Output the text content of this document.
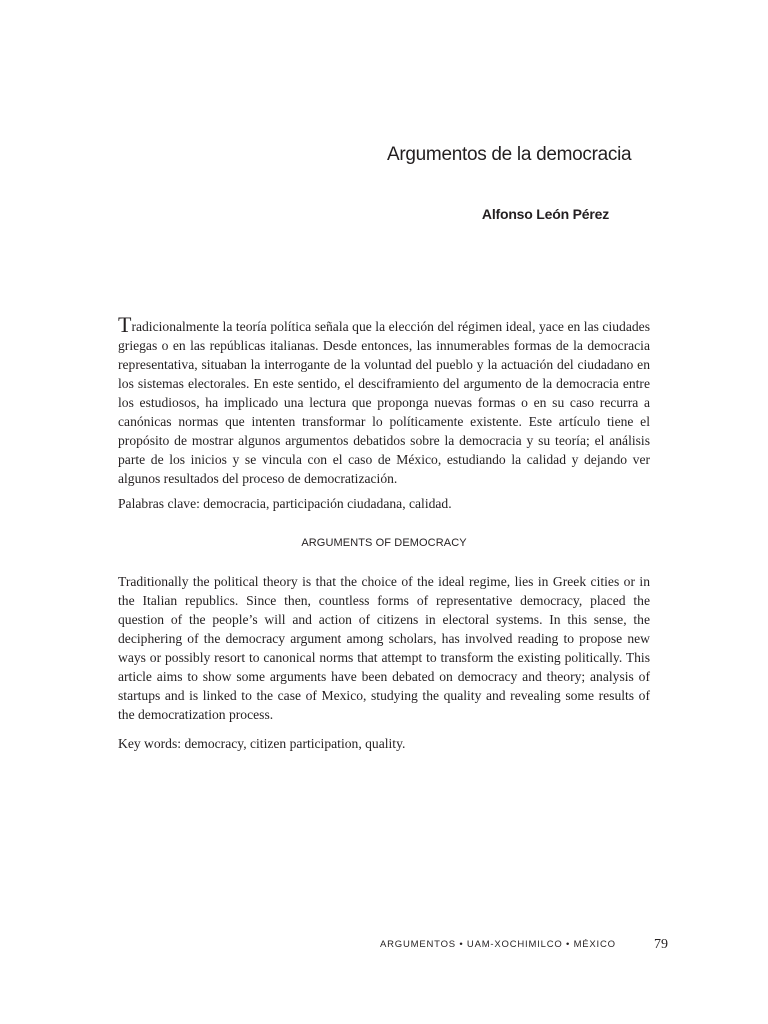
Argumentos de la democracia
Alfonso León Pérez

Tradicionalmente la teoría política señala que la elección del régimen ideal, yace en las ciudades griegas o en las repúblicas italianas. Desde entonces, las innumerables formas de la democracia representativa, situaban la interrogante de la voluntad del pueblo y la actuación del ciudadano en los sistemas electorales. En este sentido, el desciframiento del argumento de la democracia entre los estudiosos, ha implicado una lectura que proponga nuevas formas o en su caso recurra a canónicas normas que intenten transformar lo políticamente existente. Este artículo tiene el propósito de mostrar algunos argumentos debatidos sobre la democracia y su teoría; el análisis parte de los inicios y se vincula con el caso de México, estudiando la calidad y dejando ver algunos resultados del proceso de democratización.

Palabras clave: democracia, participación ciudadana, calidad.

ARGUMENTS OF DEMOCRACY

Traditionally the political theory is that the choice of the ideal regime, lies in Greek cities or in the Italian republics. Since then, countless forms of representative democracy, placed the question of the people’s will and action of citizens in electoral systems. In this sense, the deciphering of the democracy argument among scholars, has involved reading to propose new ways or possibly resort to canonical norms that attempt to transform the existing politically. This article aims to show some arguments have been debated on democracy and theory; analysis of startups and is linked to the case of Mexico, studying the quality and revealing some results of the democratization process.

Key words: democracy, citizen participation, quality.

ARGUMENTOS • UAM-XOCHIMILCO • MÉXICO	79
